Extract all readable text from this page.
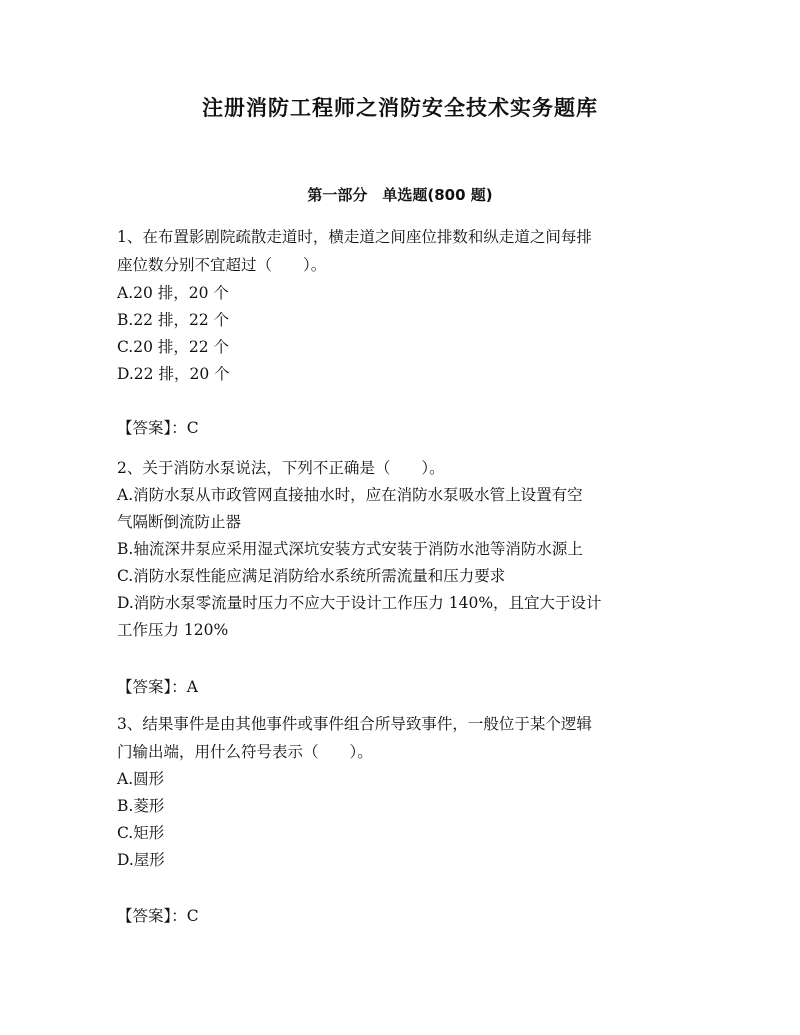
注册消防工程师之消防安全技术实务题库
第一部分　单选题(800 题)
1、在布置影剧院疏散走道时，横走道之间座位排数和纵走道之间每排
座位数分别不宜超过（　　）。
A.20 排，20 个
B.22 排，22 个
C.20 排，22 个
D.22 排，20 个
【答案】：C
2、关于消防水泵说法，下列不正确是（　　）。
A.消防水泵从市政管网直接抽水时，应在消防水泵吸水管上设置有空
气隔断倒流防止器
B.轴流深井泵应采用湿式深坑安装方式安装于消防水池等消防水源上
C.消防水泵性能应满足消防给水系统所需流量和压力要求
D.消防水泵零流量时压力不应大于设计工作压力 140%，且宜大于设计
工作压力 120%
【答案】：A
3、结果事件是由其他事件或事件组合所导致事件，一般位于某个逻辑
门输出端，用什么符号表示（　　）。
A.圆形
B.菱形
C.矩形
D.屋形
【答案】：C
